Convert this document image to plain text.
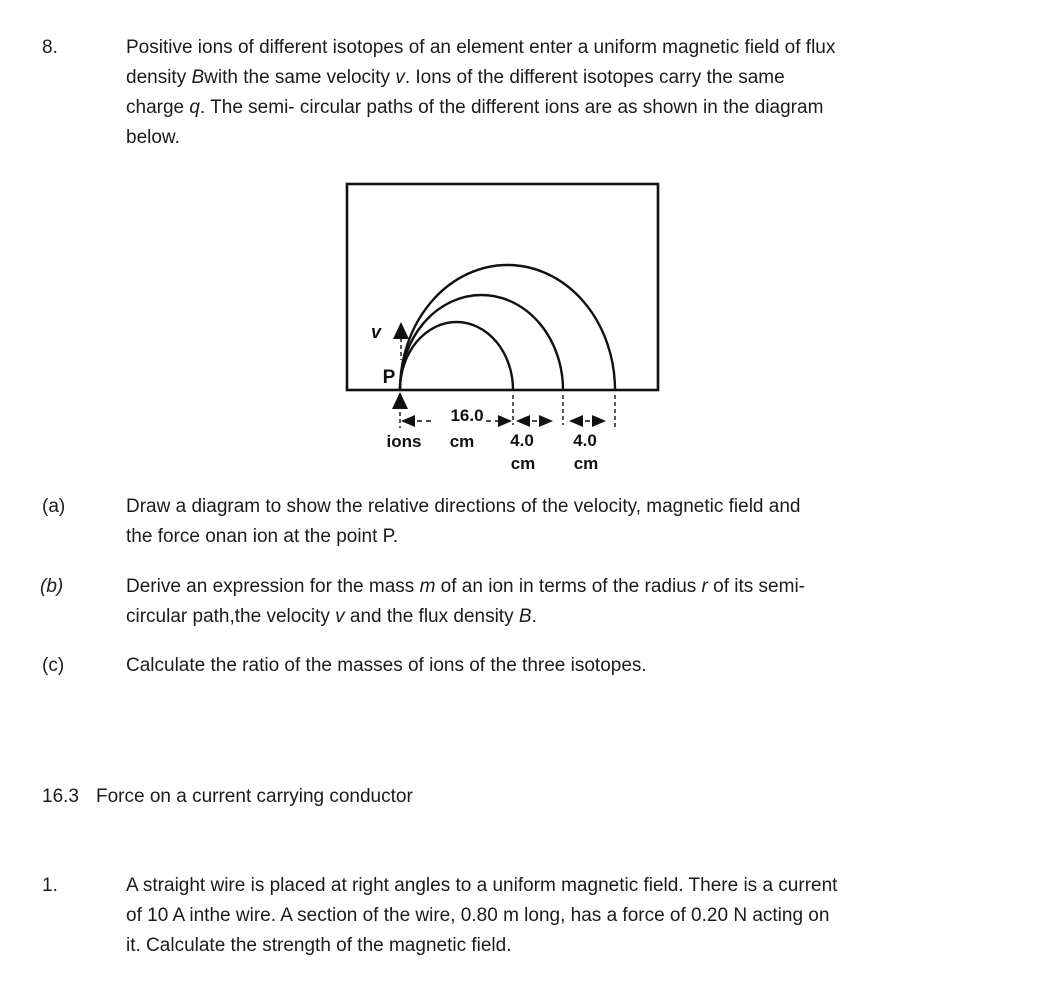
8.	Positive ions of different isotopes of an element enter a uniform magnetic field of flux
density Bwith the same velocity v. Ions of the different isotopes carry the same
charge q. The semi- circular paths of the different ions are as shown in the diagram
below.
v
P
16.0
ions cm 4.0
cm
4.0
cm
(a)	Draw a diagram to show the relative directions of the velocity, magnetic field and
the force onan ion at the point P.
(b)	Derive an expression for the mass m of an ion in terms of the radius r of its semi-
circular path,the velocity v and the flux density B.
(c)	Calculate the ratio of the masses of ions of the three isotopes.
16.3 Force on a current carrying conductor
1.	A straight wire is placed at right angles to a uniform magnetic field. There is a current
of 10 A inthe wire. A section of the wire, 0.80 m long, has a force of 0.20 N acting on
it. Calculate the strength of the magnetic field.
